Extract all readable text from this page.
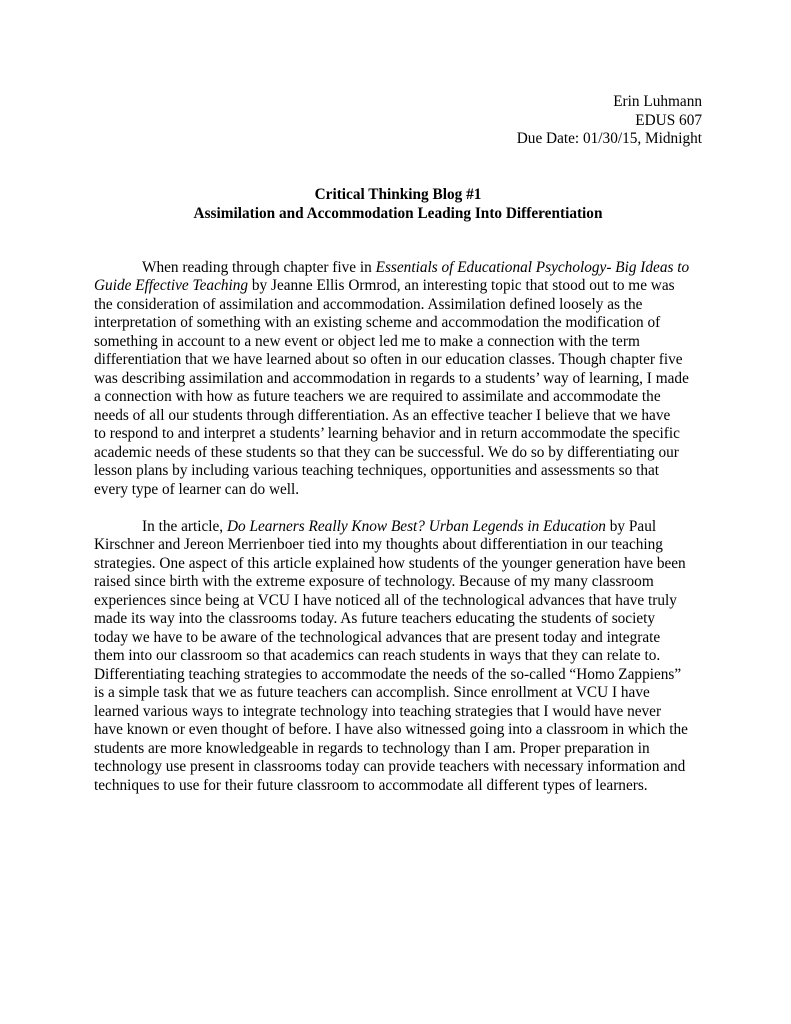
Erin Luhmann
EDUS 607
Due Date: 01/30/15, Midnight
Critical Thinking Blog #1
Assimilation and Accommodation Leading Into Differentiation
When reading through chapter five in Essentials of Educational Psychology- Big Ideas to
Guide Effective Teaching by Jeanne Ellis Ormrod, an interesting topic that stood out to me was
the consideration of assimilation and accommodation. Assimilation defined loosely as the
interpretation of something with an existing scheme and accommodation the modification of
something in account to a new event or object led me to make a connection with the term
differentiation that we have learned about so often in our education classes. Though chapter five
was describing assimilation and accommodation in regards to a students’ way of learning, I made
a connection with how as future teachers we are required to assimilate and accommodate the
needs of all our students through differentiation. As an effective teacher I believe that we have
to respond to and interpret a students’ learning behavior and in return accommodate the specific
academic needs of these students so that they can be successful. We do so by differentiating our
lesson plans by including various teaching techniques, opportunities and assessments so that
every type of learner can do well.
In the article, Do Learners Really Know Best? Urban Legends in Education by Paul
Kirschner and Jereon Merrienboer tied into my thoughts about differentiation in our teaching
strategies. One aspect of this article explained how students of the younger generation have been
raised since birth with the extreme exposure of technology. Because of my many classroom
experiences since being at VCU I have noticed all of the technological advances that have truly
made its way into the classrooms today. As future teachers educating the students of society
today we have to be aware of the technological advances that are present today and integrate
them into our classroom so that academics can reach students in ways that they can relate to.
Differentiating teaching strategies to accommodate the needs of the so-called “Homo Zappiens”
is a simple task that we as future teachers can accomplish. Since enrollment at VCU I have
learned various ways to integrate technology into teaching strategies that I would have never
have known or even thought of before. I have also witnessed going into a classroom in which the
students are more knowledgeable in regards to technology than I am. Proper preparation in
technology use present in classrooms today can provide teachers with necessary information and
techniques to use for their future classroom to accommodate all different types of learners.
